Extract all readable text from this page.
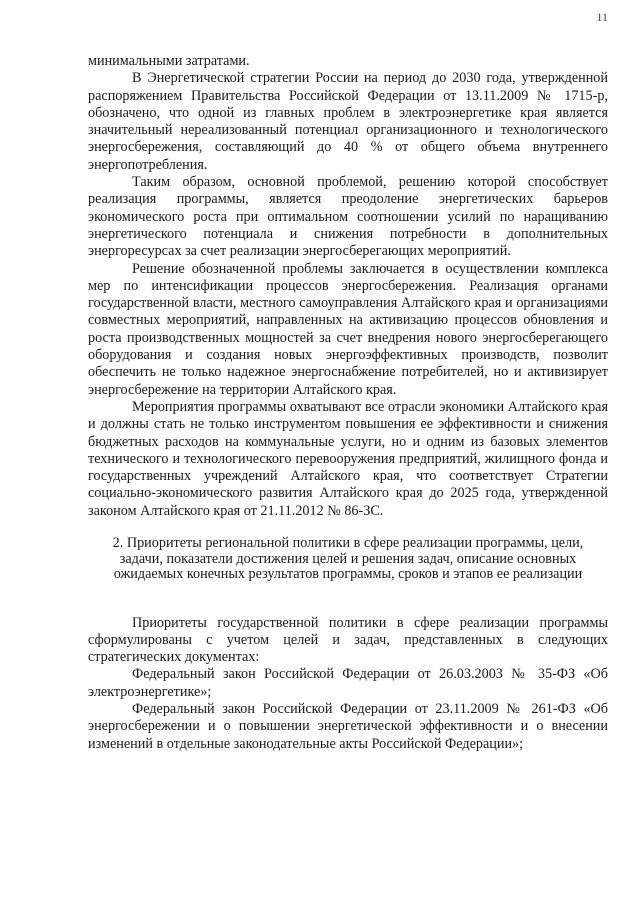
11

минимальными затратами.

В Энергетической стратегии России на период до 2030 года, утвержденной распоряжением Правительства Российской Федерации от 13.11.2009 № 1715-р, обозначено, что одной из главных проблем в электроэнергетике края является значительный нереализованный потенциал организационного и технологического энергосбережения, составляющий до 40 % от общего объема внутреннего энергопотребления.

Таким образом, основной проблемой, решению которой способствует реализация программы, является преодоление энергетических барьеров экономического роста при оптимальном соотношении усилий по наращиванию энергетического потенциала и снижения потребности в дополнительных энергоресурсах за счет реализации энергосберегающих мероприятий.

Решение обозначенной проблемы заключается в осуществлении комплекса мер по интенсификации процессов энергосбережения. Реализация органами государственной власти, местного самоуправления Алтайского края и организациями совместных мероприятий, направленных на активизацию процессов обновления и роста производственных мощностей за счет внедрения нового энергосберегающего оборудования и создания новых энергоэффективных производств, позволит обеспечить не только надежное энергоснабжение потребителей, но и активизирует энергосбережение на территории Алтайского края.

Мероприятия программы охватывают все отрасли экономики Алтайского края и должны стать не только инструментом повышения ее эффективности и снижения бюджетных расходов на коммунальные услуги, но и одним из базовых элементов технического и технологического перевооружения предприятий, жилищного фонда и государственных учреждений Алтайского края, что соответствует Стратегии социально-экономического развития Алтайского края до 2025 года, утвержденной законом Алтайского края от 21.11.2012 № 86-ЗС.

2. Приоритеты региональной политики в сфере реализации программы, цели, задачи, показатели достижения целей и решения задач, описание основных ожидаемых конечных результатов программы, сроков и этапов ее реализации

Приоритеты государственной политики в сфере реализации программы сформулированы с учетом целей и задач, представленных в следующих стратегических документах:

Федеральный закон Российской Федерации от 26.03.2003 № 35-ФЗ «Об электроэнергетике»;

Федеральный закон Российской Федерации от 23.11.2009 № 261-ФЗ «Об энергосбережении и о повышении энергетической эффективности и о внесении изменений в отдельные законодательные акты Российской Федерации»;
